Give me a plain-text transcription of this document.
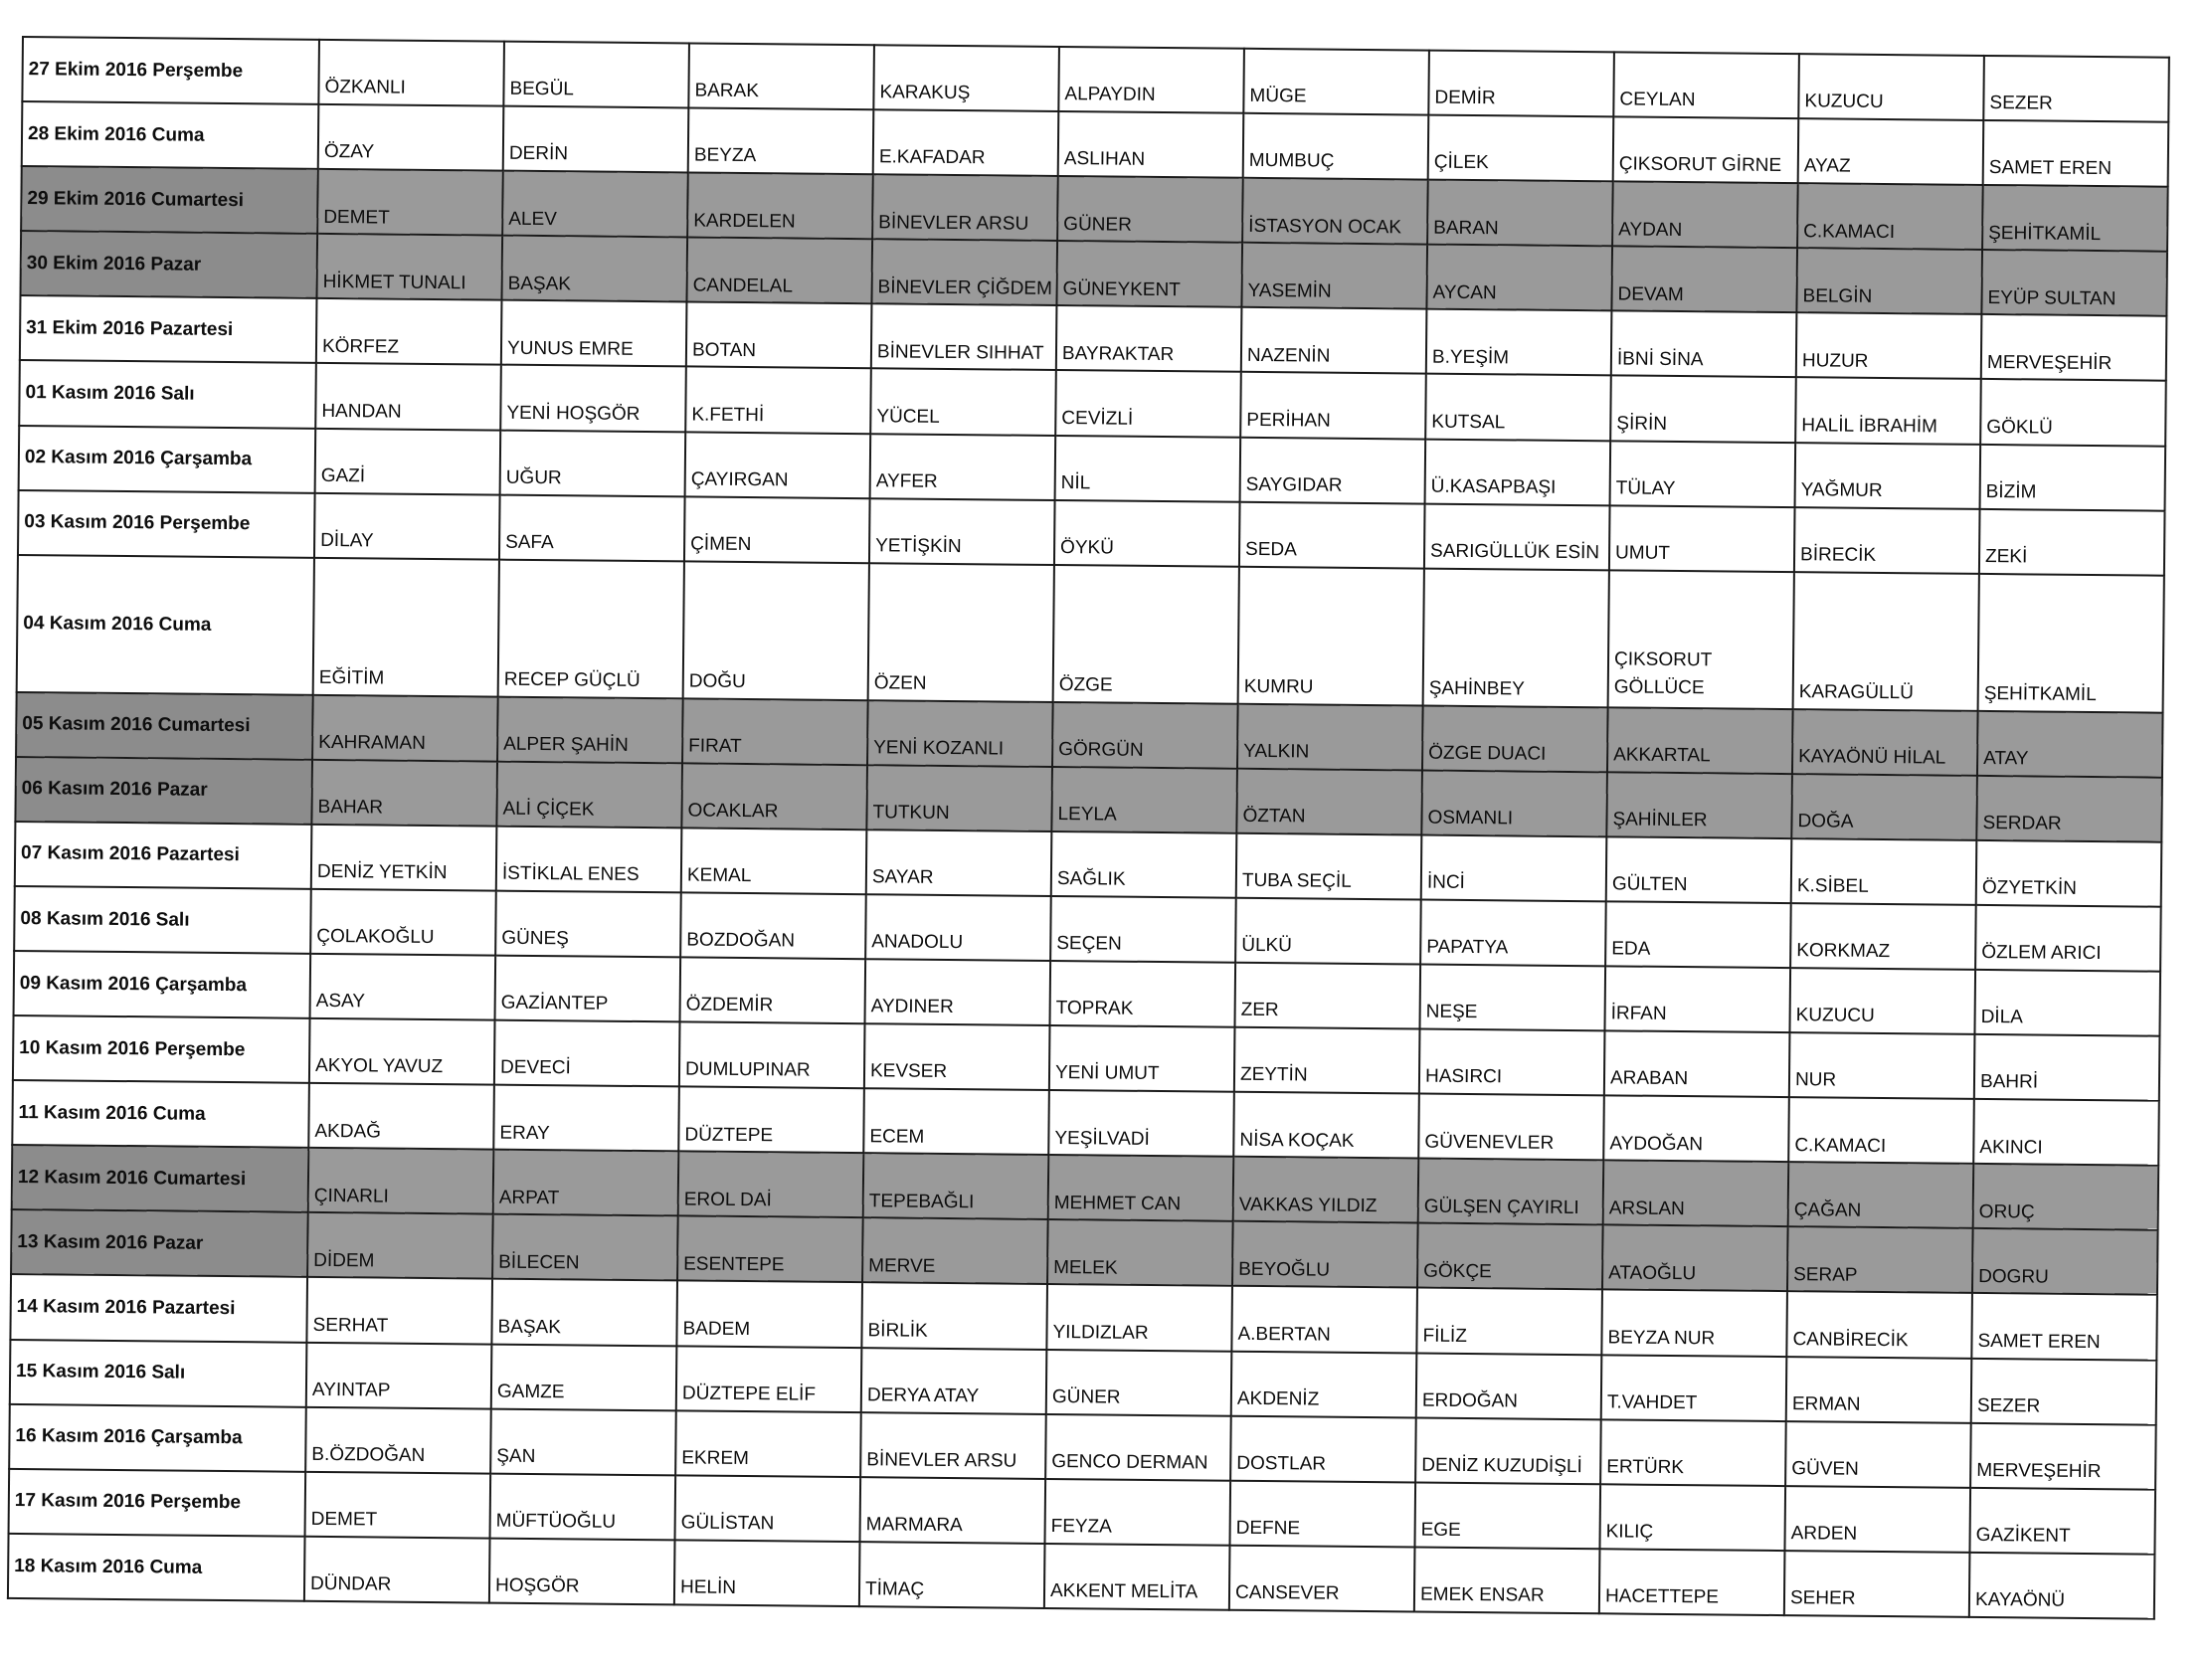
27 Ekim 2016 Perşembe	ÖZKANLI	BEGÜL	BARAK	KARAKUŞ	ALPAYDIN	MÜGE	DEMİR	CEYLAN	KUZUCU	SEZER
28 Ekim 2016 Cuma	ÖZAY	DERİN	BEYZA	E.KAFADAR	ASLIHAN	MUMBUÇ	ÇİLEK	ÇIKSORUT GİRNE	AYAZ	SAMET EREN
29 Ekim 2016 Cumartesi	DEMET	ALEV	KARDELEN	BİNEVLER ARSU	GÜNER	İSTASYON OCAK	BARAN	AYDAN	C.KAMACI	ŞEHİTKAMİL
30 Ekim 2016 Pazar	HİKMET TUNALI	BAŞAK	CANDELAL	BİNEVLER ÇİĞDEM	GÜNEYKENT	YASEMİN	AYCAN	DEVAM	BELGİN	EYÜP SULTAN
31 Ekim 2016 Pazartesi	KÖRFEZ	YUNUS EMRE	BOTAN	BİNEVLER SIHHAT	BAYRAKTAR	NAZENİN	B.YEŞİM	İBNİ SİNA	HUZUR	MERVEŞEHİR
01 Kasım 2016 Salı	HANDAN	YENİ HOŞGÖR	K.FETHİ	YÜCEL	CEVİZLİ	PERİHAN	KUTSAL	ŞİRİN	HALİL İBRAHİM	GÖKLÜ
02 Kasım 2016 Çarşamba	GAZİ	UĞUR	ÇAYIRGAN	AYFER	NİL	SAYGIDAR	Ü.KASAPBAŞI	TÜLAY	YAĞMUR	BİZİM
03 Kasım 2016 Perşembe	DİLAY	SAFA	ÇİMEN	YETİŞKİN	ÖYKÜ	SEDA	SARIGÜLLÜK ESİN	UMUT	BİRECİK	ZEKİ
04 Kasım 2016 Cuma	EĞİTİM	RECEP GÜÇLÜ	DOĞU	ÖZEN	ÖZGE	KUMRU	ŞAHİNBEY	ÇIKSORUT GÖLLÜCE	KARAGÜLLÜ	ŞEHİTKAMİL
05 Kasım 2016 Cumartesi	KAHRAMAN	ALPER ŞAHİN	FIRAT	YENİ KOZANLI	GÖRGÜN	YALKIN	ÖZGE DUACI	AKKARTAL	KAYAÖNÜ HİLAL	ATAY
06 Kasım 2016 Pazar	BAHAR	ALİ ÇİÇEK	OCAKLAR	TUTKUN	LEYLA	ÖZTAN	OSMANLI	ŞAHİNLER	DOĞA	SERDAR
07 Kasım 2016 Pazartesi	DENİZ YETKİN	İSTİKLAL ENES	KEMAL	SAYAR	SAĞLIK	TUBA SEÇİL	İNCİ	GÜLTEN	K.SİBEL	ÖZYETKİN
08 Kasım 2016 Salı	ÇOLAKOĞLU	GÜNEŞ	BOZDOĞAN	ANADOLU	SEÇEN	ÜLKÜ	PAPATYA	EDA	KORKMAZ	ÖZLEM ARICI
09 Kasım 2016 Çarşamba	ASAY	GAZİANTEP	ÖZDEMİR	AYDINER	TOPRAK	ZER	NEŞE	İRFAN	KUZUCU	DİLA
10 Kasım 2016 Perşembe	AKYOL YAVUZ	DEVECİ	DUMLUPINAR	KEVSER	YENİ UMUT	ZEYTİN	HASIRCI	ARABAN	NUR	BAHRİ
11 Kasım 2016 Cuma	AKDAĞ	ERAY	DÜZTEPE	ECEM	YEŞİLVADİ	NİSA KOÇAK	GÜVENEVLER	AYDOĞAN	C.KAMACI	AKINCI
12 Kasım 2016 Cumartesi	ÇINARLI	ARPAT	EROL DAİ	TEPEBAĞLI	MEHMET CAN	VAKKAS YILDIZ	GÜLŞEN ÇAYIRLI	ARSLAN	ÇAĞAN	ORUÇ
13 Kasım 2016 Pazar	DİDEM	BİLECEN	ESENTEPE	MERVE	MELEK	BEYOĞLU	GÖKÇE	ATAOĞLU	SERAP	DOGRU
14 Kasım 2016 Pazartesi	SERHAT	BAŞAK	BADEM	BİRLİK	YILDIZLAR	A.BERTAN	FİLİZ	BEYZA NUR	CANBİRECİK	SAMET EREN
15 Kasım 2016 Salı	AYINTAP	GAMZE	DÜZTEPE ELİF	DERYA ATAY	GÜNER	AKDENİZ	ERDOĞAN	T.VAHDET	ERMAN	SEZER
16 Kasım 2016 Çarşamba	B.ÖZDOĞAN	ŞAN	EKREM	BİNEVLER ARSU	GENCO DERMAN	DOSTLAR	DENİZ KUZUDİŞLİ	ERTÜRK	GÜVEN	MERVEŞEHİR
17 Kasım 2016 Perşembe	DEMET	MÜFTÜOĞLU	GÜLİSTAN	MARMARA	FEYZA	DEFNE	EGE	KILIÇ	ARDEN	GAZİKENT
18 Kasım 2016 Cuma	DÜNDAR	HOŞGÖR	HELİN	TİMAÇ	AKKENT MELİTA	CANSEVER	EMEK ENSAR	HACETTEPE	SEHER	KAYAÖNÜ
